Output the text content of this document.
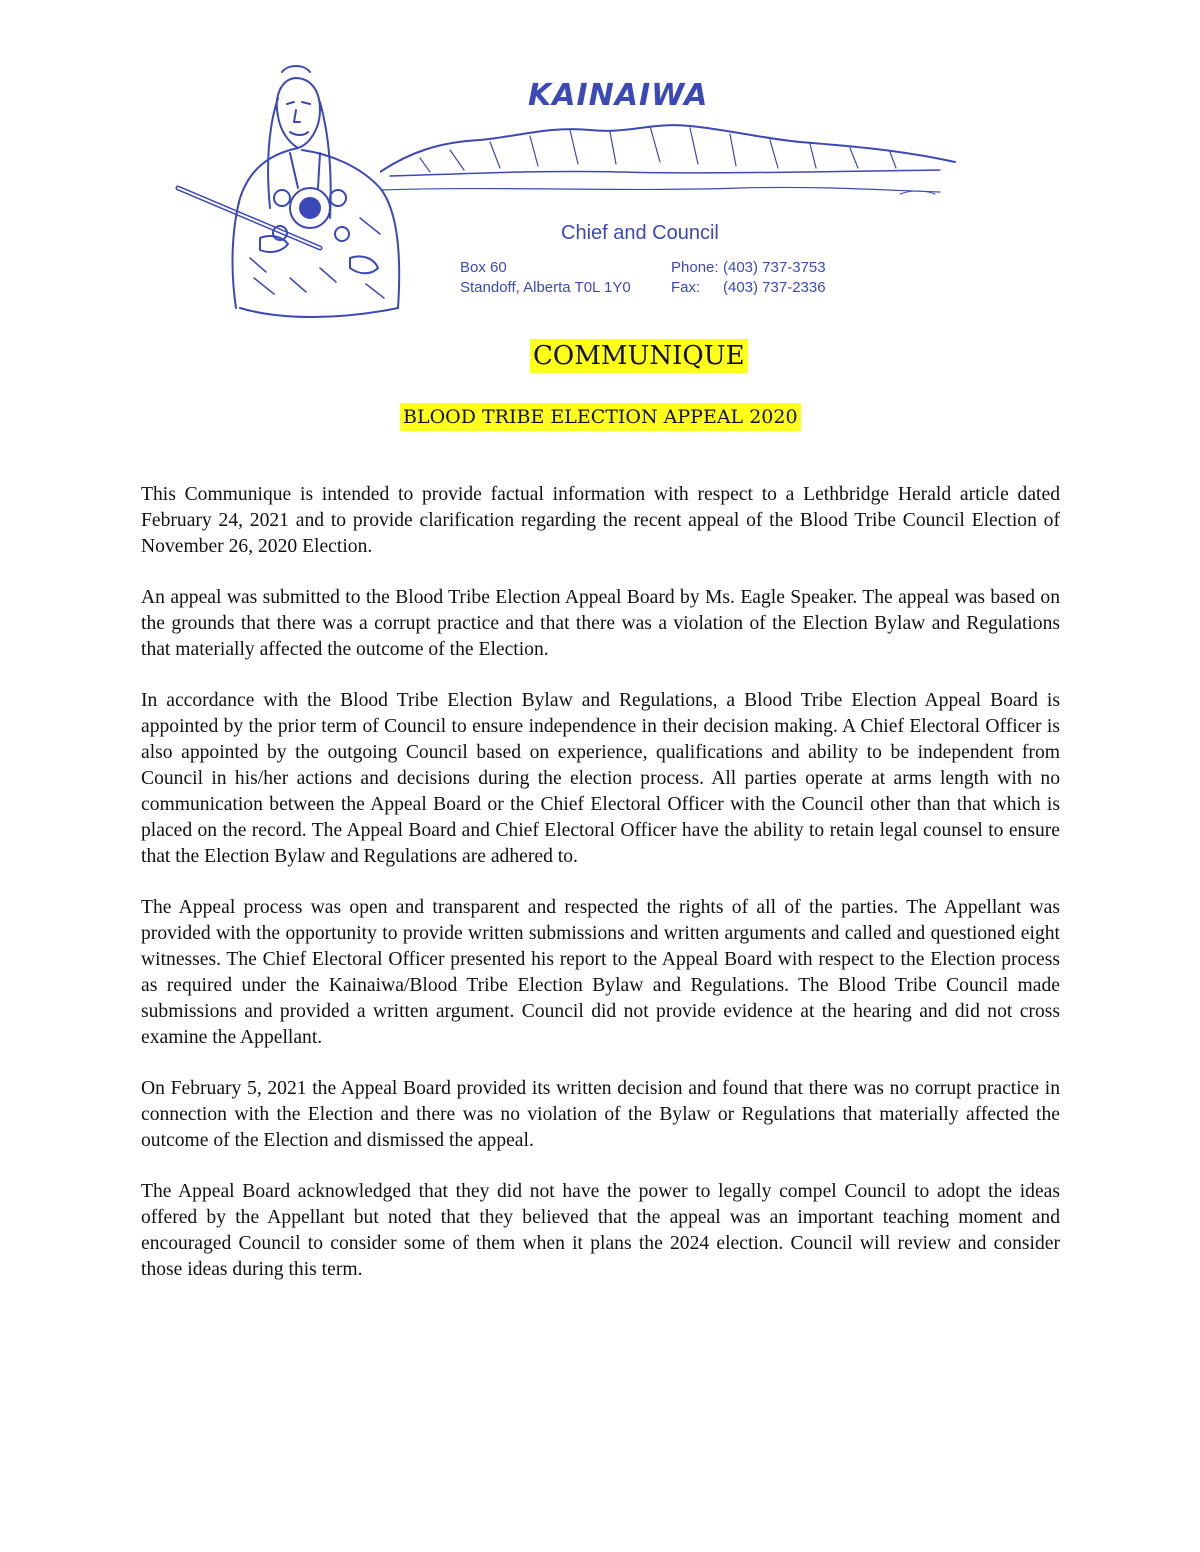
KAINAIWA
Chief and Council
Box 60
Standoff, Alberta T0L 1Y0
Phone: (403) 737-3753
Fax:	(403) 737-2336
COMMUNIQUE
BLOOD TRIBE ELECTION APPEAL 2020

This Communique is intended to provide factual information with respect to a Lethbridge Herald article dated February 24, 2021 and to provide clarification regarding the recent appeal of the Blood Tribe Council Election of November 26, 2020 Election.

An appeal was submitted to the Blood Tribe Election Appeal Board by Ms. Eagle Speaker. The appeal was based on the grounds that there was a corrupt practice and that there was a violation of the Election Bylaw and Regulations that materially affected the outcome of the Election.

In accordance with the Blood Tribe Election Bylaw and Regulations, a Blood Tribe Election Appeal Board is appointed by the prior term of Council to ensure independence in their decision making. A Chief Electoral Officer is also appointed by the outgoing Council based on experience, qualifications and ability to be independent from Council in his/her actions and decisions during the election process. All parties operate at arms length with no communication between the Appeal Board or the Chief Electoral Officer with the Council other than that which is placed on the record. The Appeal Board and Chief Electoral Officer have the ability to retain legal counsel to ensure that the Election Bylaw and Regulations are adhered to.

The Appeal process was open and transparent and respected the rights of all of the parties. The Appellant was provided with the opportunity to provide written submissions and written arguments and called and questioned eight witnesses. The Chief Electoral Officer presented his report to the Appeal Board with respect to the Election process as required under the Kainaiwa/Blood Tribe Election Bylaw and Regulations. The Blood Tribe Council made submissions and provided a written argument. Council did not provide evidence at the hearing and did not cross examine the Appellant.

On February 5, 2021 the Appeal Board provided its written decision and found that there was no corrupt practice in connection with the Election and there was no violation of the Bylaw or Regulations that materially affected the outcome of the Election and dismissed the appeal.

The Appeal Board acknowledged that they did not have the power to legally compel Council to adopt the ideas offered by the Appellant but noted that they believed that the appeal was an important teaching moment and encouraged Council to consider some of them when it plans the 2024 election. Council will review and consider those ideas during this term.
